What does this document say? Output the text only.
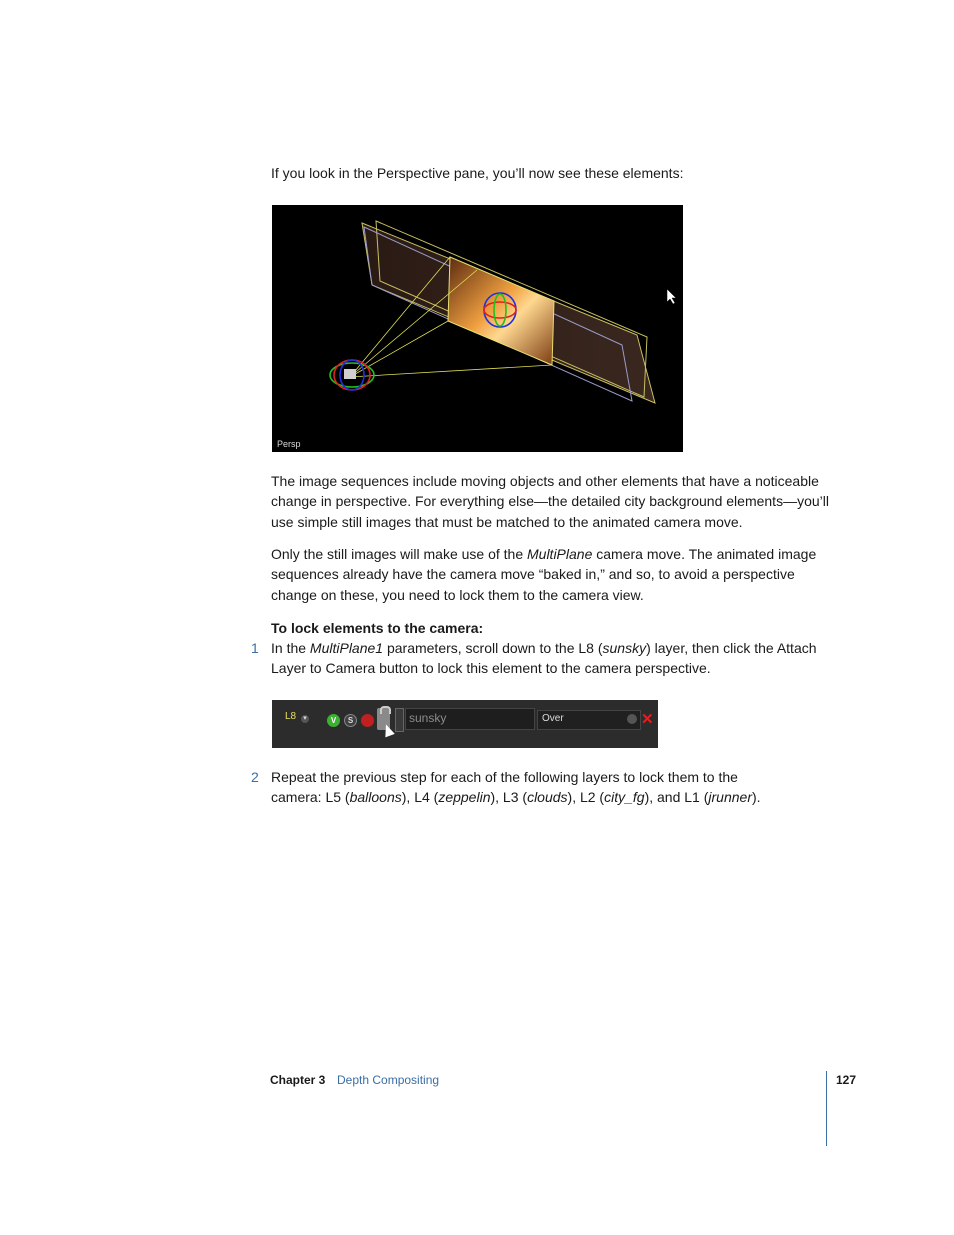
If you look in the Perspective pane, you’ll now see these elements:

Persp

The image sequences include moving objects and other elements that have a noticeable change in perspective. For everything else—the detailed city background elements—you’ll use simple still images that must be matched to the animated camera move.

Only the still images will make use of the MultiPlane camera move. The animated image sequences already have the camera move “baked in,” and so, to avoid a perspective change on these, you need to lock them to the camera view.

To lock elements to the camera:

1 In the MultiPlane1 parameters, scroll down to the L8 (sunsky) layer, then click the Attach Layer to Camera button to lock this element to the camera perspective.

L8	▾	V	S	sunsky	Over	✕
2 Repeat the previous step for each of the following layers to lock them to the camera: L5 (balloons), L4 (zeppelin), L3 (clouds), L2 (city_fg), and L1 (jrunner).

Chapter 3 Depth Compositing	127
